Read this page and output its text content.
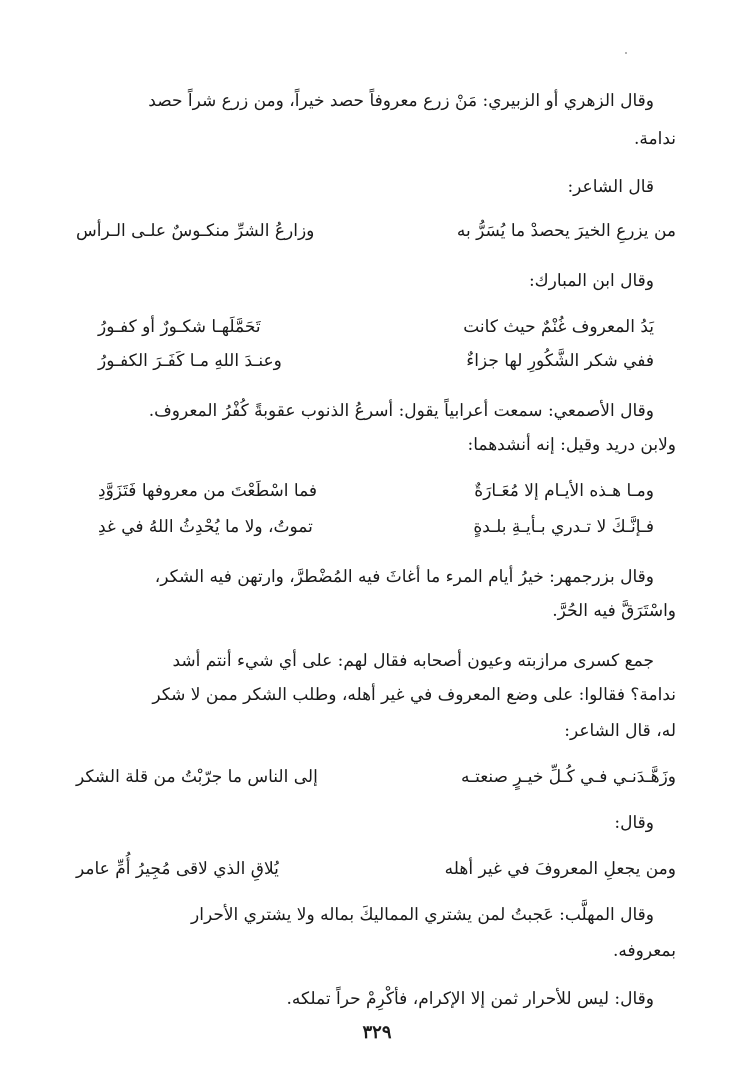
وقال الزهري أو الزبيري: مَنْ زرع معروفاً حصد خيراً، ومن زرع شراً حصد
ندامة.
قال الشاعر:
من يزرعِ الخيرَ يحصدْ ما يُسَرُّ به
وزارعُ الشرِّ منكـوسٌ علـى الـرأس
وقال ابن المبارك:
يَدُ المعروف غُنْمٌ حيث كانت
تَحَمَّلَهـا شكـورٌ أو كفـورُ
ففي شكر الشَّكُورِ لها جزاءٌ
وعنـدَ اللهِ مـا كَفَـرَ الكفـورُ
وقال الأصمعي: سمعت أعرابياً يقول: أسرعُ الذنوب عقوبةً كُفْرُ المعروف.
ولابن دريد وقيل: إنه أنشدهما:
ومـا هـذه الأيـام إلا مُعَـارَةٌ
فما اسْطَعْتَ من معروفها فَتَزَوَّدِ
فـإنَّـكَ لا تـدري بـأيـةِ بلـدةٍ
تموتُ، ولا ما يُحْدِثُ اللهُ في غدِ
وقال بزرجمهر: خيرُ أيام المرء ما أغاثَ فيه المُضْطرَّ، وارتهن فيه الشكر،
واسْتَرَقَّ فيه الحُرَّ.
جمع كسرى مرازبته وعيون أصحابه فقال لهم: على أي شيء أنتم أشد
ندامة؟ فقالوا: على وضع المعروف في غير أهله، وطلب الشكر ممن لا شكر
له، قال الشاعر:
وزَهَّـدَنـي فـي كُـلِّ خيـرٍ صنعتـه
إلى الناس ما جرّبْتُ من قلة الشكر
وقال:
ومن يجعلِ المعروفَ في غير أهله
يُلاقِ الذي لاقى مُجِيرُ أُمِّ عامر
وقال المهلَّب: عَجبتُ لمن يشتري المماليكَ بماله ولا يشتري الأحرار
بمعروفه.
وقال: ليس للأحرار ثمن إلا الإكرام، فأكْرِمْ حراً تملكه.
٣٢٩
